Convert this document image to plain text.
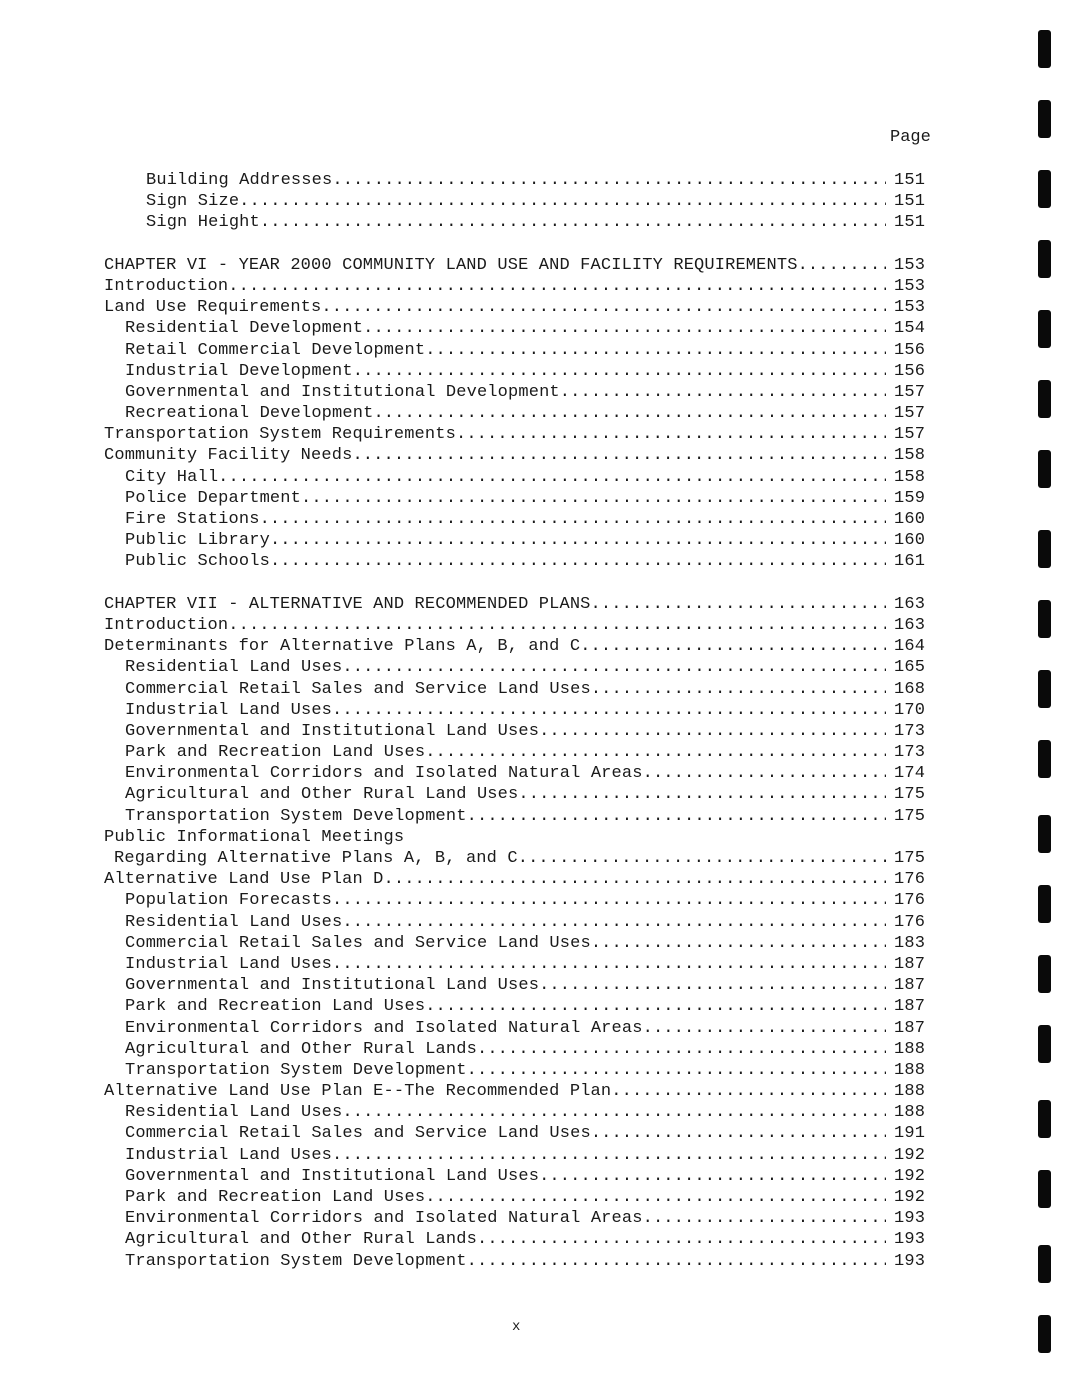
Page
Building Addresses .....	151
Sign Size .....	151
Sign Height .....	151
CHAPTER VI - YEAR 2000 COMMUNITY LAND USE AND FACILITY REQUIREMENTS .....	153
Introduction .....	153
Land Use Requirements .....	153
Residential Development .....	154
Retail Commercial Development .....	156
Industrial Development .....	156
Governmental and Institutional Development .....	157
Recreational Development .....	157
Transportation System Requirements .....	157
Community Facility Needs .....	158
City Hall .....	158
Police Department .....	159
Fire Stations .....	160
Public Library .....	160
Public Schools .....	161
CHAPTER VII - ALTERNATIVE AND RECOMMENDED PLANS .....	163
Introduction .....	163
Determinants for Alternative Plans A, B, and C .....	164
Residential Land Uses .....	165
Commercial Retail Sales and Service Land Uses .....	168
Industrial Land Uses .....	170
Governmental and Institutional Land Uses .....	173
Park and Recreation Land Uses .....	173
Environmental Corridors and Isolated Natural Areas .....	174
Agricultural and Other Rural Land Uses .....	175
Transportation System Development .....	175
Public Informational Meetings
Regarding Alternative Plans A, B, and C .....	175
Alternative Land Use Plan D .....	176
Population Forecasts .....	176
Residential Land Uses .....	176
Commercial Retail Sales and Service Land Uses .....	183
Industrial Land Uses .....	187
Governmental and Institutional Land Uses .....	187
Park and Recreation Land Uses .....	187
Environmental Corridors and Isolated Natural Areas .....	187
Agricultural and Other Rural Lands .....	188
Transportation System Development .....	188
Alternative Land Use Plan E--The Recommended Plan .....	188
Residential Land Uses .....	188
Commercial Retail Sales and Service Land Uses .....	191
Industrial Land Uses .....	192
Governmental and Institutional Land Uses .....	192
Park and Recreation Land Uses .....	192
Environmental Corridors and Isolated Natural Areas .....	193
Agricultural and Other Rural Lands .....	193
Transportation System Development .....	193
x
